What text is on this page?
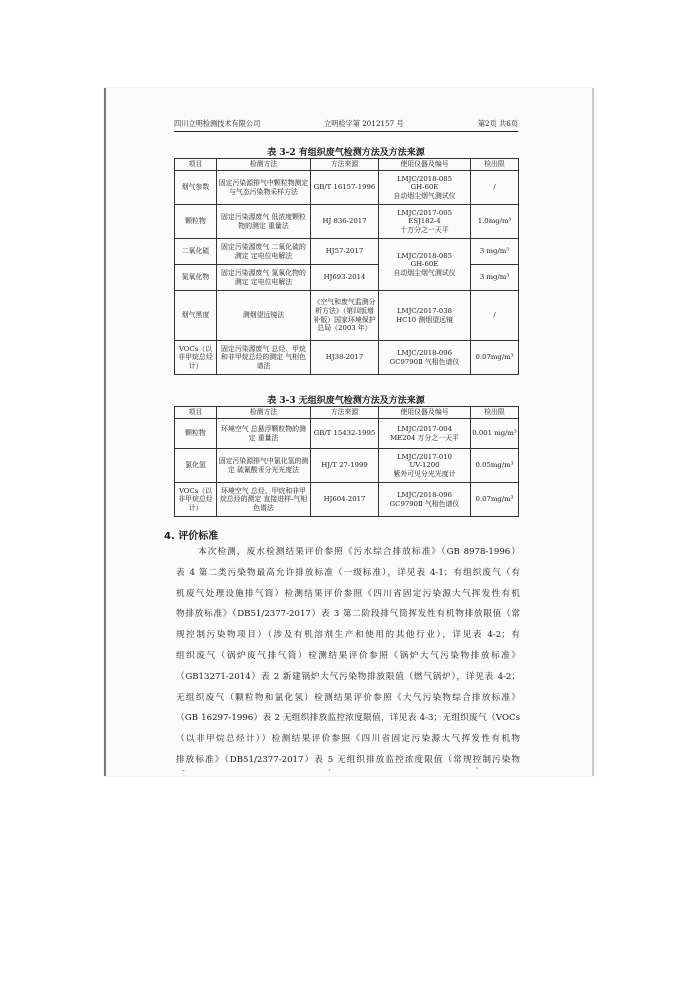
四川立明检测技术有限公司	立明检字第 2012157 号	第2页 共6页
表 3-2 有组织废气检测方法及方法来源
项目	检测方法	方法来源	使用仪器及编号	检出限
烟气参数	固定污染源排气中颗粒物测定与气态污染物采样方法	GB/T 16157-1996	LMJC/2018-085
GH-60E
自动烟尘烟气测试仪	/
颗粒物	固定污染源废气 低浓度颗粒物的测定 重量法	HJ 836-2017	LMJC/2017-005
ESJ182-4
十万分之一天平	1.0mg/m³
二氧化硫	固定污染源废气 二氧化硫的测定 定电位电解法	HJ57-2017	LMJC/2018-085
GH-60E
自动烟尘烟气测试仪	3 mg/m³
氮氧化物	固定污染源废气 氮氧化物的测定 定电位电解法	HJ693-2014		3 mg/m³
烟气黑度	测烟望远镜法	《空气和废气监测分析方法》（第四版增补版）国家环境保护总局（2003 年）	LMJC/2017-038
HC10 测烟望远镜	/
VOCs（以非甲烷总烃计）	固定污染源废气 总烃、甲烷和非甲烷总烃的测定 气相色谱法	HJ38-2017	LMJC/2018-096
GC9790Ⅱ 气相色谱仪	0.07mg/m³
表 3-3 无组织废气检测方法及方法来源
项目	检测方法	方法来源	使用仪器及编号	检出限
颗粒物	环境空气 总悬浮颗粒物的测定 重量法	GB/T 15432-1995	LMJC/2017-004
ME204 万分之一天平	0.001 mg/m³
氯化氢	固定污染源排气中氯化氢的测定 硫氰酸汞分光光度法	HJ/T 27-1999	LMJC/2017-010
UV-1200
紫外可见分光光度计	0.05mg/m³
VOCs（以非甲烷总烃计）	环境空气 总烃、甲烷和非甲烷总烃的测定 直接进样-气相色谱法	HJ604-2017	LMJC/2018-096
GC9790Ⅱ 气相色谱仪	0.07mg/m³
4. 评价标准
本次检测，废水检测结果评价参照《污水综合排放标准》（GB 8978-1996）
表 4 第二类污染物最高允许排放标准（一级标准），详见表 4-1；有组织废气（有
机废气处理设施排气筒）检测结果评价参照《四川省固定污染源大气挥发性有机
物排放标准》（DB51/2377-2017）表 3 第二阶段排气筒挥发性有机物排放限值（常
规控制污染物项目）（涉及有机溶剂生产和使用的其他行业），详见表 4-2；有
组织废气（锅炉废气排气筒）检测结果评价参照《锅炉大气污染物排放标准》
（GB13271-2014）表 2 新建锅炉大气污染物排放限值（燃气锅炉），详见表 4-2；
无组织废气（颗粒物和氯化氢）检测结果评价参照《大气污染物综合排放标准》
（GB 16297-1996）表 2 无组织排放监控浓度限值，详见表 4-3；无组织废气（VOCs
（以非甲烷总烃计））检测结果评价参照《四川省固定污染源大气挥发性有机物
排放标准》（DB51/2377-2017）表 5 无组织排放监控浓度限值（常规控制污染物
-	·	'
